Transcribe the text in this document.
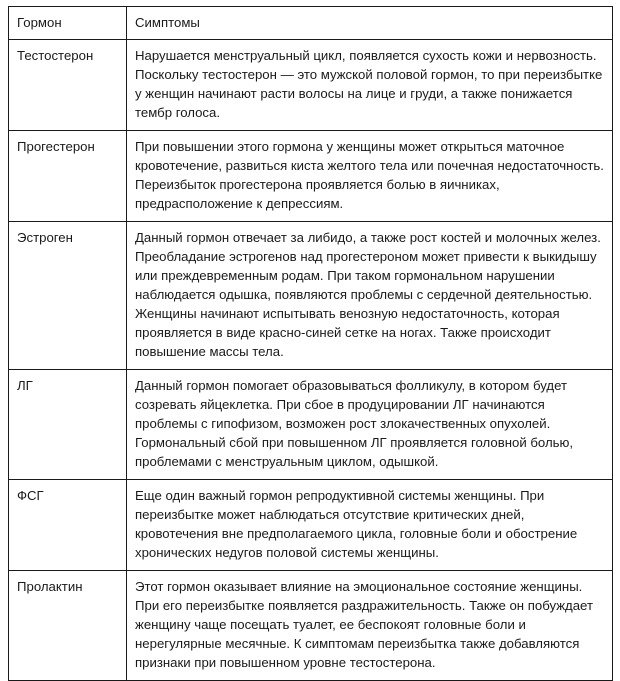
Гормон	Симптомы
Тестостерон	Нарушается менструальный цикл, появляется сухость кожи и нервозность. Поскольку тестостерон — это мужской половой гормон, то при переизбытке у женщин начинают расти волосы на лице и груди, а также понижается тембр голоса.
Прогестерон	При повышении этого гормона у женщины может открыться маточное кровотечение, развиться киста желтого тела или почечная недостаточность. Переизбыток прогестерона проявляется болью в яичниках, предрасположение к депрессиям.
Эстроген	Данный гормон отвечает за либидо, а также рост костей и молочных желез. Преобладание эстрогенов над прогестероном может привести к выкидышу или преждевременным родам. При таком гормональном нарушении наблюдается одышка, появляются проблемы с сердечной деятельностью. Женщины начинают испытывать венозную недостаточность, которая проявляется в виде красно-синей сетке на ногах. Также происходит повышение массы тела.
ЛГ	Данный гормон помогает образовываться фолликулу, в котором будет созревать яйцеклетка. При сбое в продуцировании ЛГ начинаются проблемы с гипофизом, возможен рост злокачественных опухолей. Гормональный сбой при повышенном ЛГ проявляется головной болью, проблемами с менструальным циклом, одышкой.
ФСГ	Еще один важный гормон репродуктивной системы женщины. При переизбытке может наблюдаться отсутствие критических дней, кровотечения вне предполагаемого цикла, головные боли и обострение хронических недугов половой системы женщины.
Пролактин	Этот гормон оказывает влияние на эмоциональное состояние женщины. При его переизбытке появляется раздражительность. Также он побуждает женщину чаще посещать туалет, ее беспокоят головные боли и нерегулярные месячные. К симптомам переизбытка также добавляются признаки при повышенном уровне тестостерона.
